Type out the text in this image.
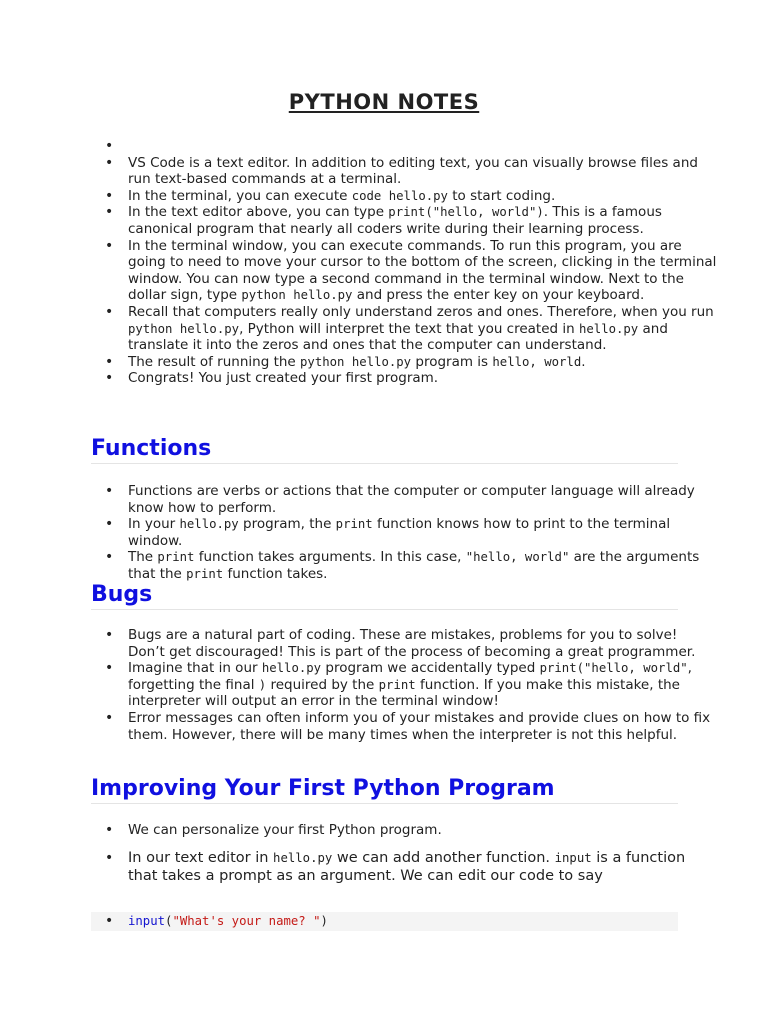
PYTHON NOTES
•
• VS Code is a text editor. In addition to editing text, you can visually browse files and run text-based commands at a terminal.
• In the terminal, you can execute code hello.py to start coding.
• In the text editor above, you can type print("hello, world"). This is a famous canonical program that nearly all coders write during their learning process.
• In the terminal window, you can execute commands. To run this program, you are going to need to move your cursor to the bottom of the screen, clicking in the terminal window. You can now type a second command in the terminal window. Next to the dollar sign, type python hello.py and press the enter key on your keyboard.
• Recall that computers really only understand zeros and ones. Therefore, when you run python hello.py, Python will interpret the text that you created in hello.py and translate it into the zeros and ones that the computer can understand.
• The result of running the python hello.py program is hello, world.
• Congrats! You just created your first program.
Functions
• Functions are verbs or actions that the computer or computer language will already know how to perform.
• In your hello.py program, the print function knows how to print to the terminal window.
• The print function takes arguments. In this case, "hello, world" are the arguments that the print function takes.
Bugs
• Bugs are a natural part of coding. These are mistakes, problems for you to solve! Don’t get discouraged! This is part of the process of becoming a great programmer.
• Imagine that in our hello.py program we accidentally typed print("hello, world", forgetting the final ) required by the print function. If you make this mistake, the interpreter will output an error in the terminal window!
• Error messages can often inform you of your mistakes and provide clues on how to fix them. However, there will be many times when the interpreter is not this helpful.
Improving Your First Python Program
• We can personalize your first Python program.
• In our text editor in hello.py we can add another function. input is a function that takes a prompt as an argument. We can edit our code to say
• input("What's your name? ")
